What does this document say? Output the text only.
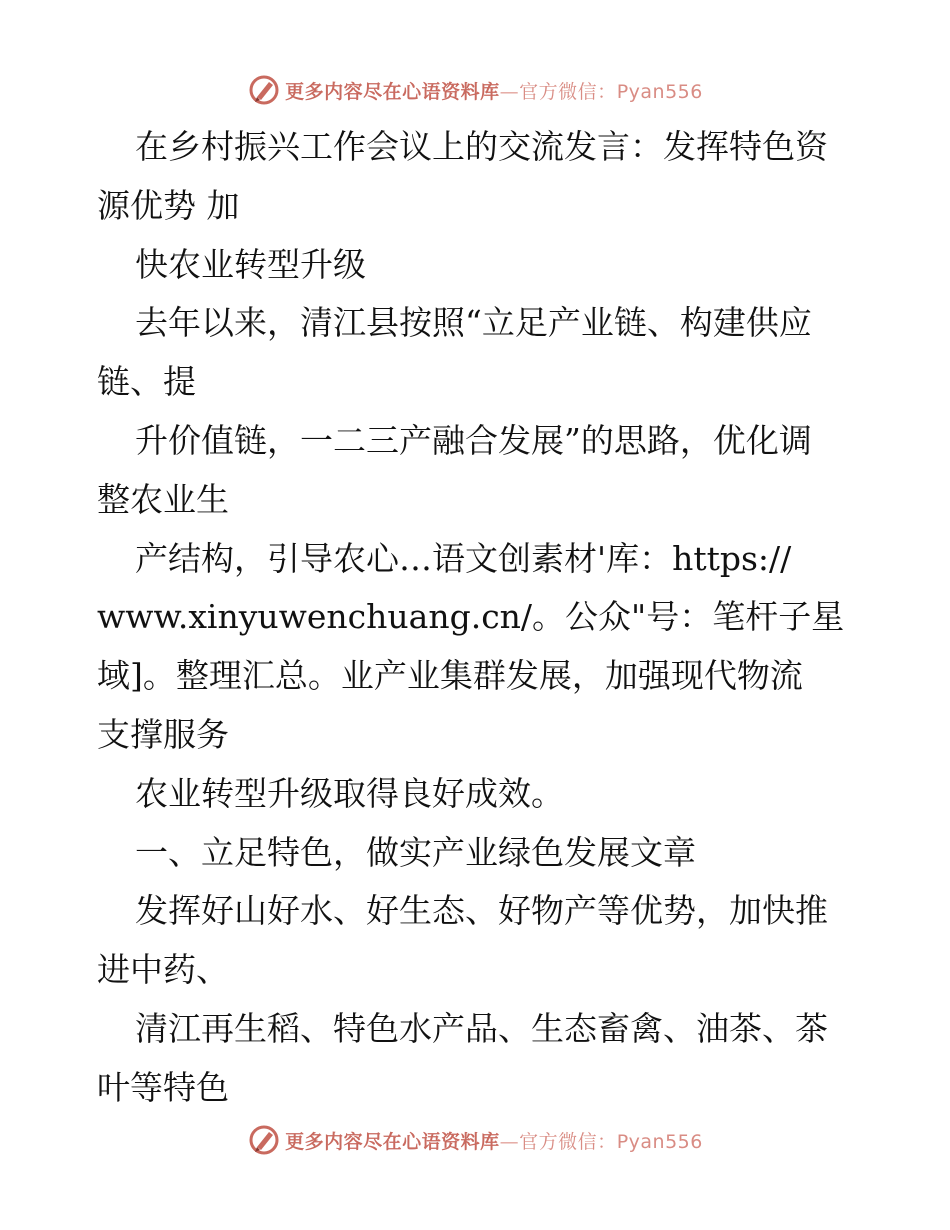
更多内容尽在心语资料库—官方微信：Pyan556
在乡村振兴工作会议上的交流发言：发挥特色资
源优势 加
快农业转型升级
去年以来，清江县按照“立足产业链、构建供应
链、提
升价值链，一二三产融合发展”的思路，优化调
整农业生
产结构，引导农心…语文创素材'库：https://
www.xinyuwenchuang.cn/。公众"号：笔杆子星
域]。整理汇总。业产业集群发展，加强现代物流
支撑服务
农业转型升级取得良好成效。
一、立足特色，做实产业绿色发展文章
发挥好山好水、好生态、好物产等优势，加快推
进中药、
清江再生稻、特色水产品、生态畜禽、油茶、茶
叶等特色
更多内容尽在心语资料库—官方微信：Pyan556
